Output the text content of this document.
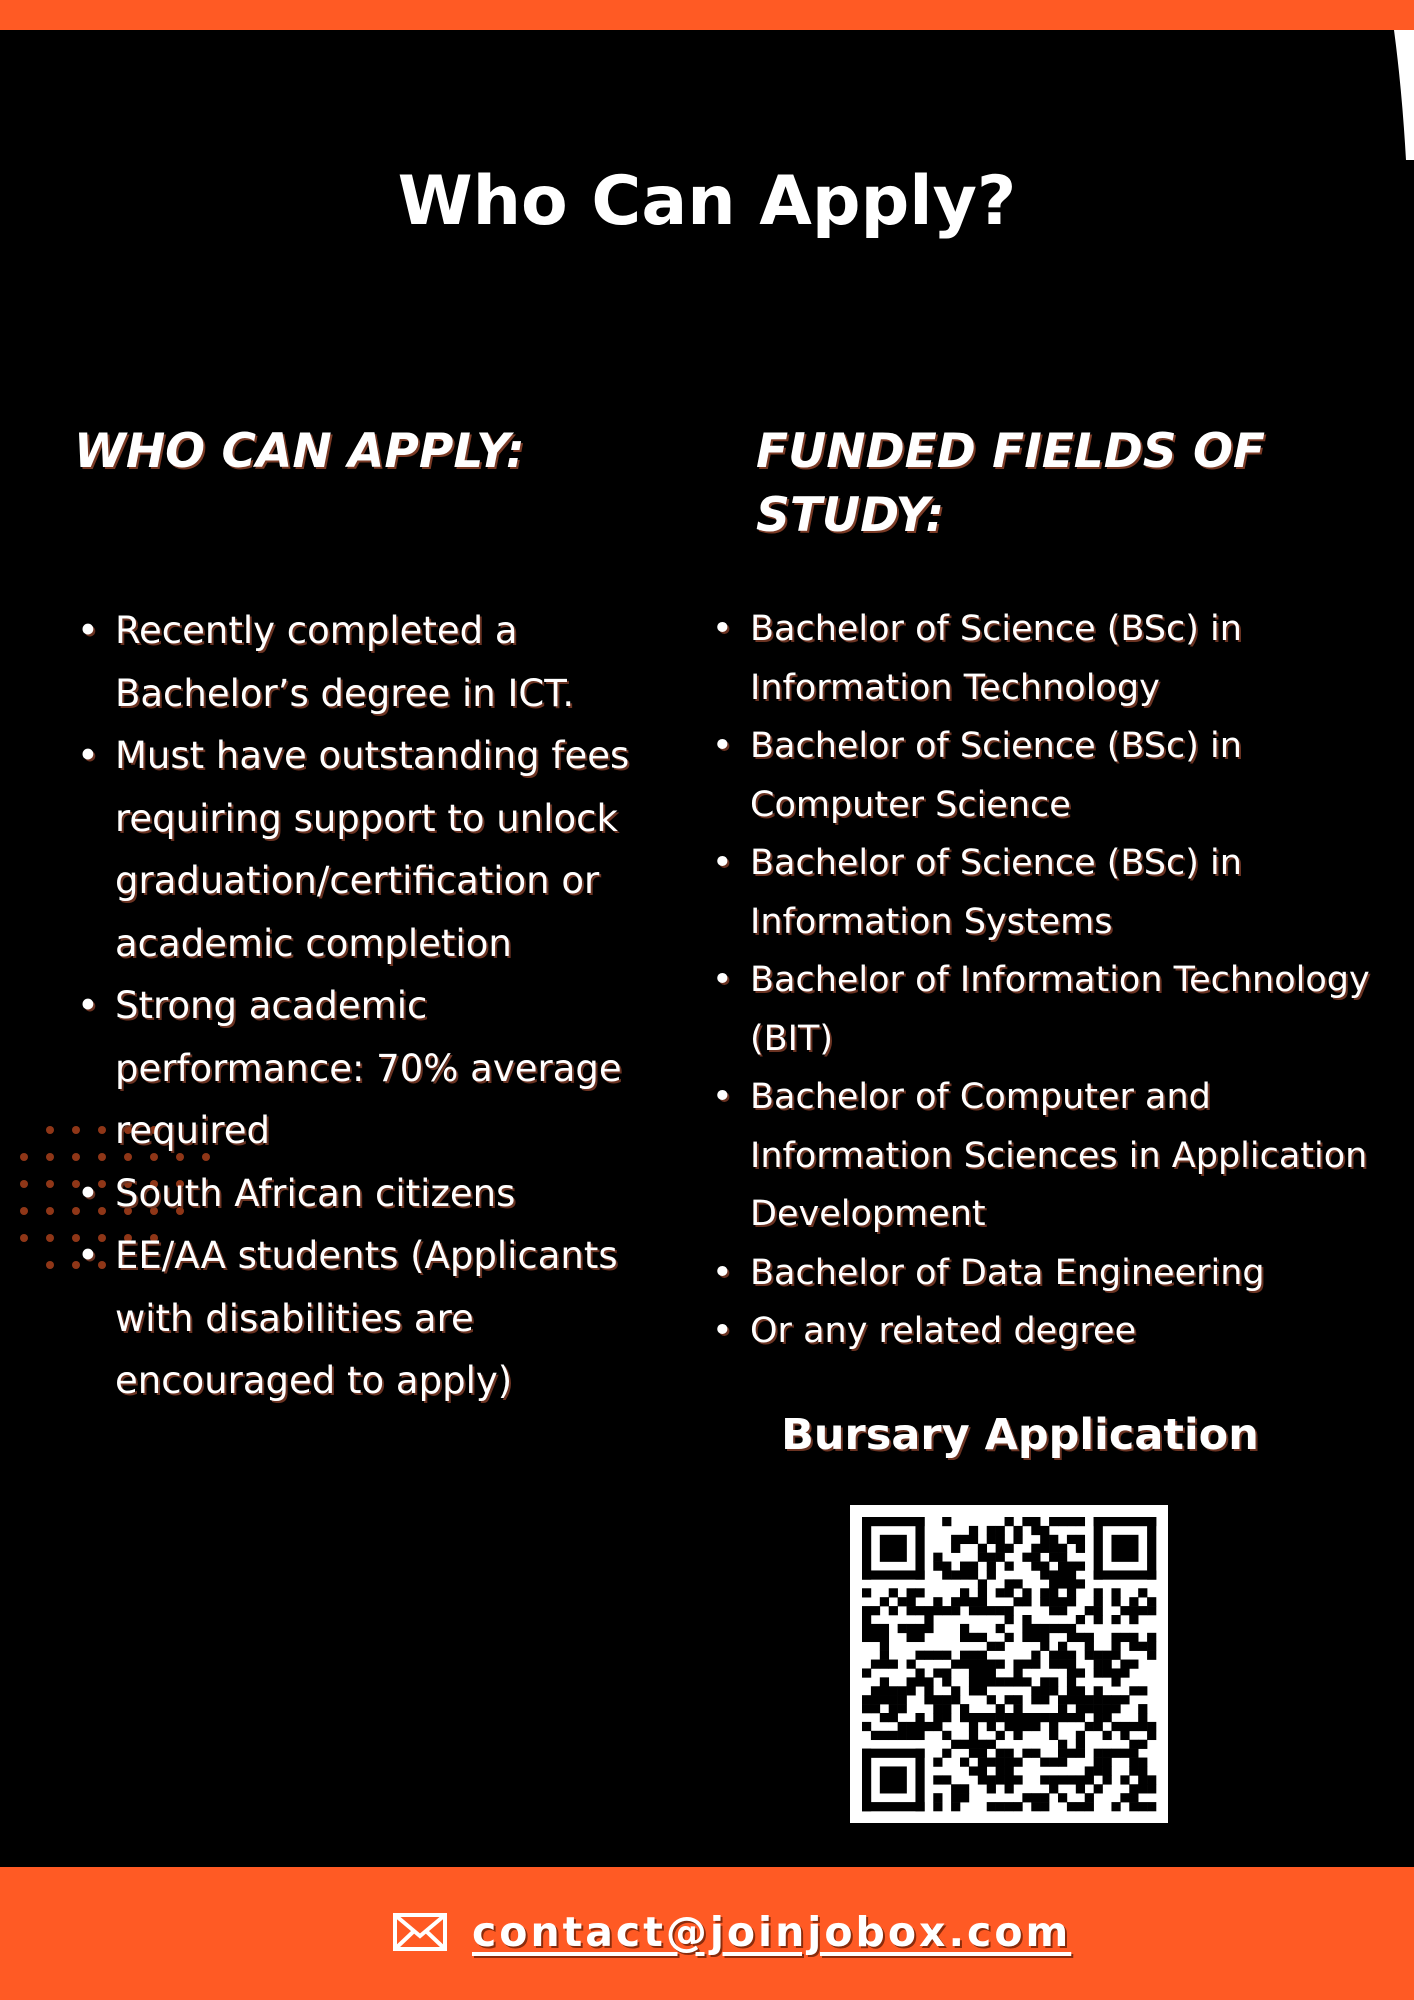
Who Can Apply?
WHO CAN APPLY:	FUNDED FIELDS OF STUDY:
• Recently completed a Bachelor’s degree in ICT.
• Must have outstanding fees requiring support to unlock graduation/certification or academic completion
• Strong academic performance: 70% average required
• South African citizens
• EE/AA students (Applicants with disabilities are encouraged to apply)
• Bachelor of Science (BSc) in Information Technology
• Bachelor of Science (BSc) in Computer Science
• Bachelor of Science (BSc) in Information Systems
• Bachelor of Information Technology (BIT)
• Bachelor of Computer and Information Sciences in Application Development
• Bachelor of Data Engineering
• Or any related degree
Bursary Application
contact@joinjobox.com
